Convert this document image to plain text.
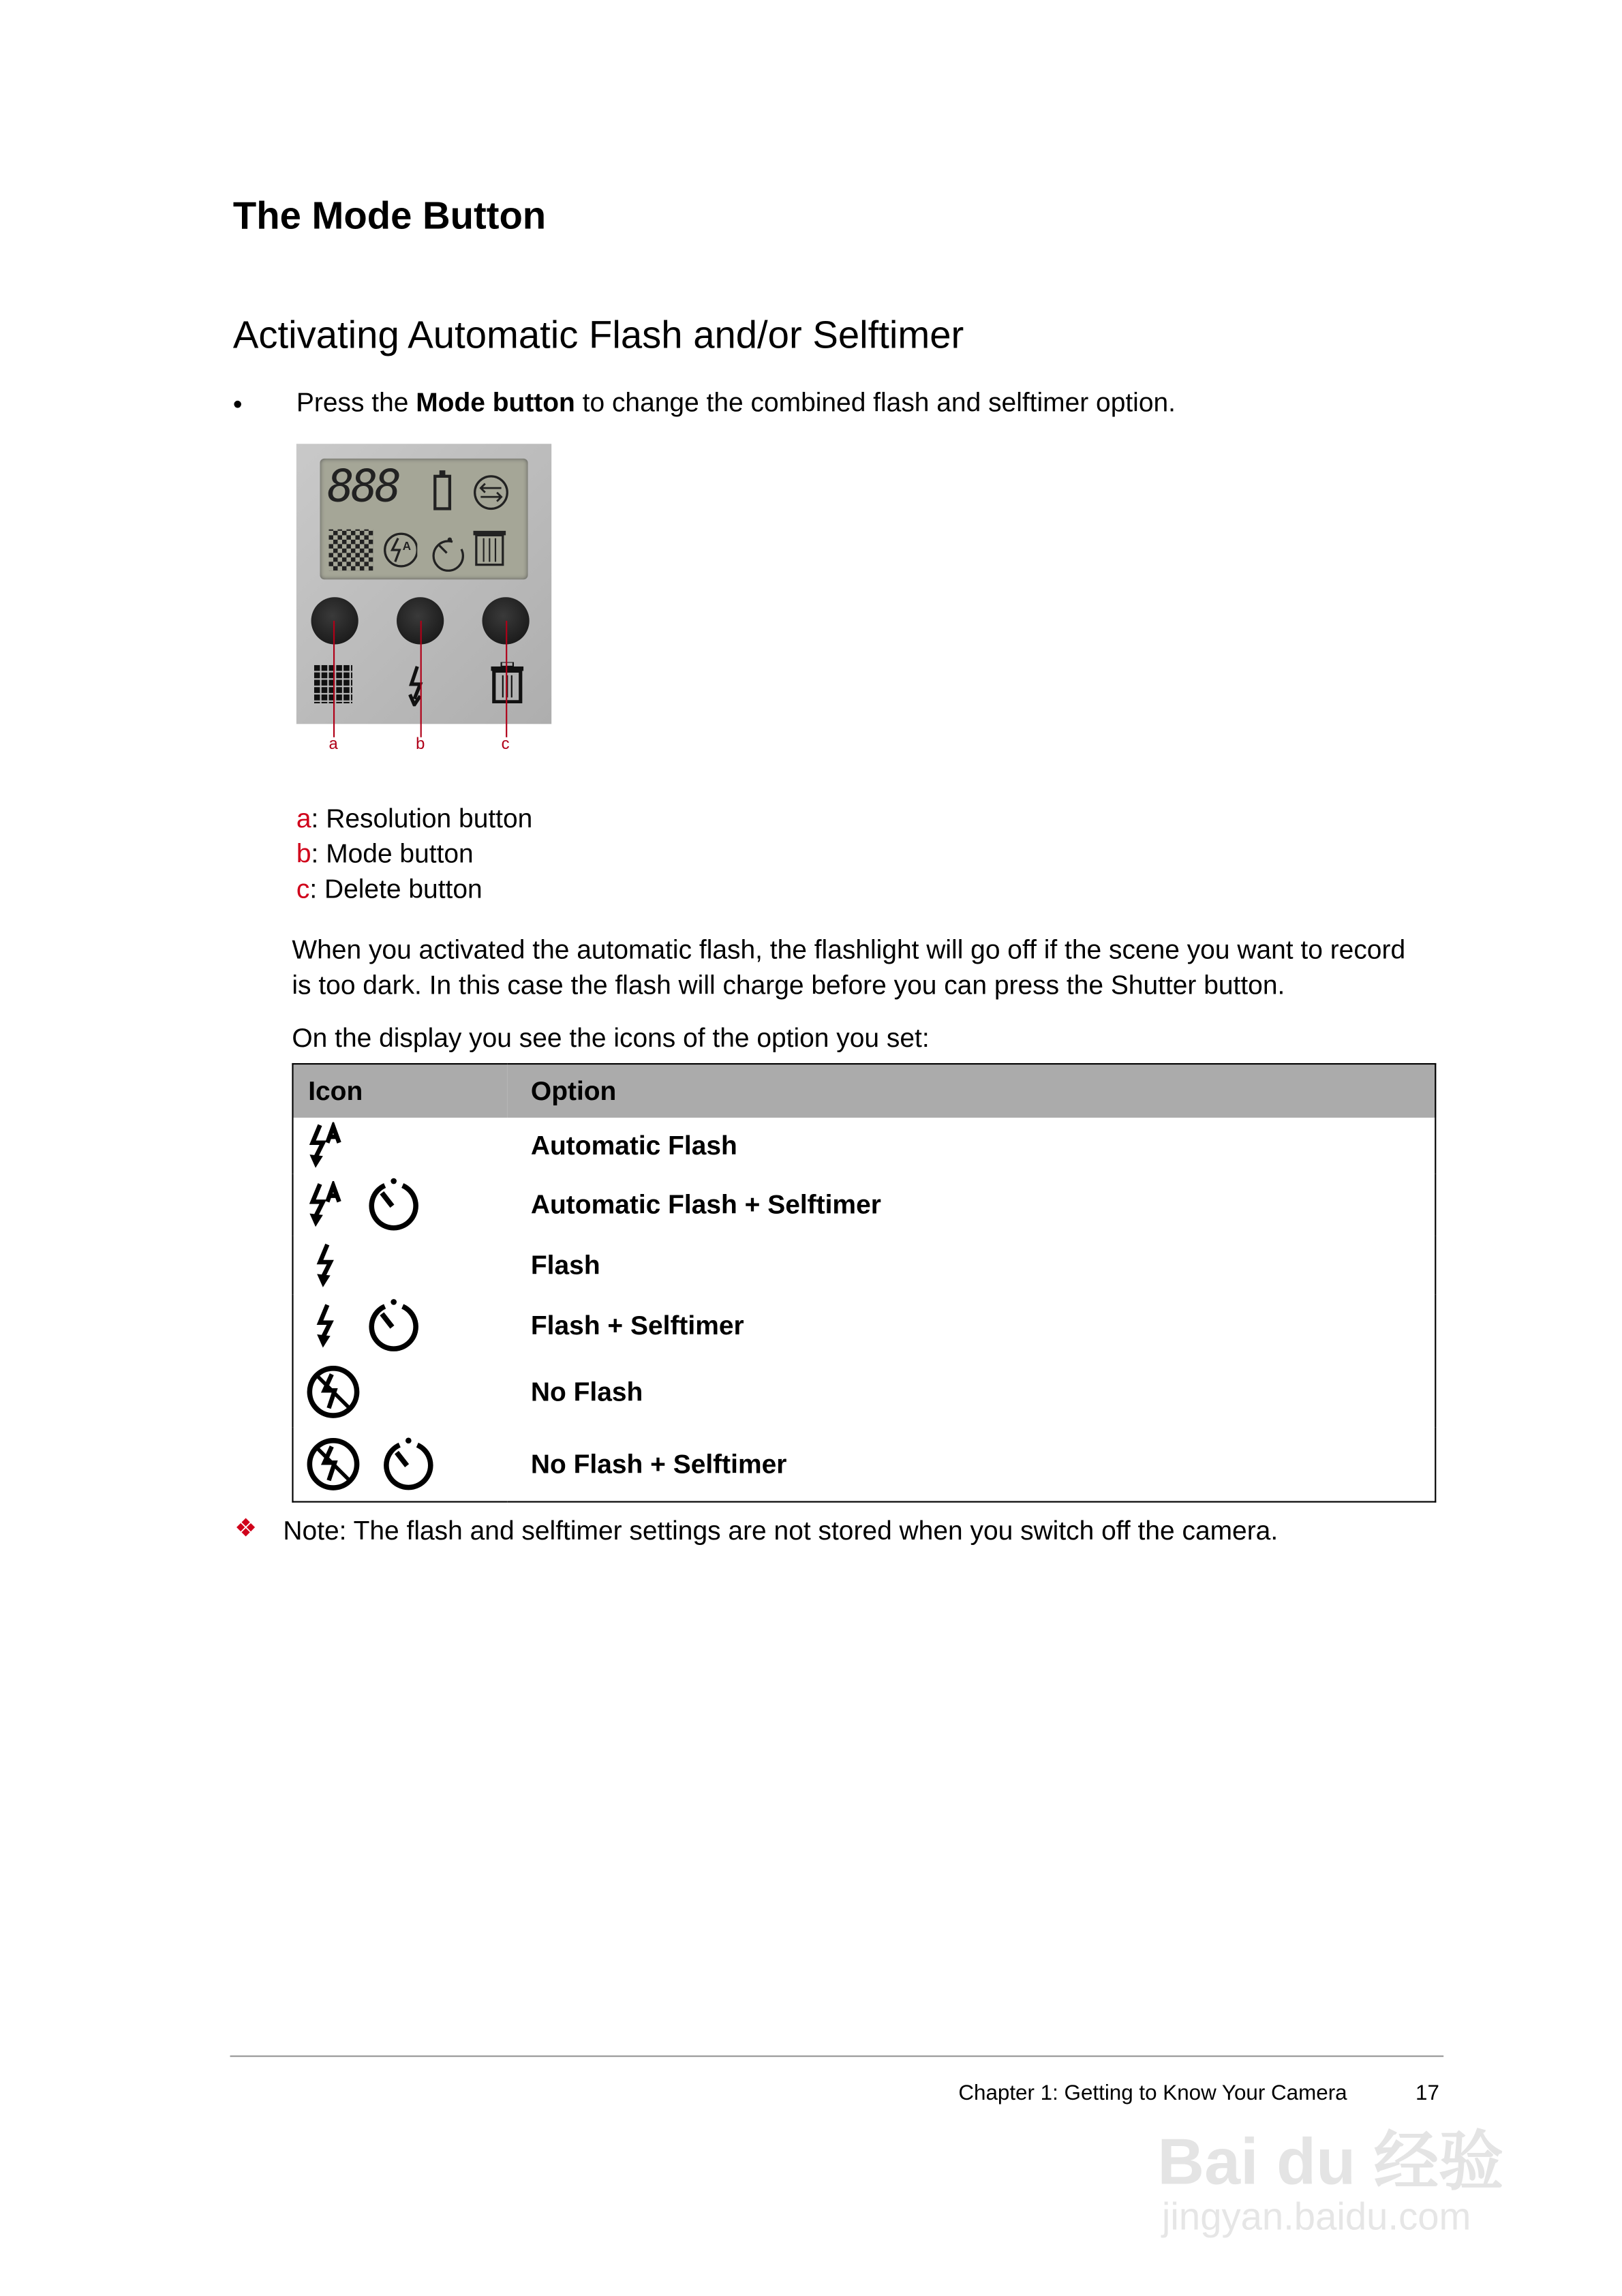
The Mode Button
Activating Automatic Flash and/or Selftimer
•	Press the Mode button to change the combined flash and selftimer option.
888
A
a	b	c
a: Resolution button
b: Mode button
c: Delete button
When you activated the automatic flash, the flashlight will go off if the scene you want to record
is too dark. In this case the flash will charge before you can press the Shutter button.
On the display you see the icons of the option you set:
Icon	Option
	Automatic Flash
	Automatic Flash + Selftimer
	Flash
	Flash + Selftimer
	No Flash
	No Flash + Selftimer
❖ Note: The flash and selftimer settings are not stored when you switch off the camera.
Chapter 1: Getting to Know Your Camera	17
Bai du 经验
jingyan.baidu.com
